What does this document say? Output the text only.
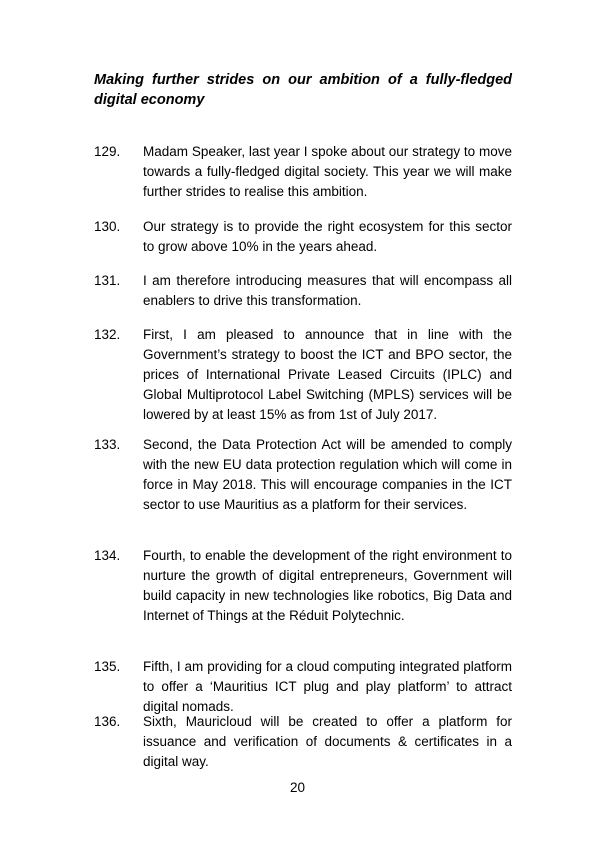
Making further strides on our ambition of a fully-fledged digital economy

129.	Madam Speaker, last year I spoke about our strategy to move towards a fully-fledged digital society. This year we will make further strides to realise this ambition.
130.	Our strategy is to provide the right ecosystem for this sector to grow above 10% in the years ahead.
131.	I am therefore introducing measures that will encompass all enablers to drive this transformation.
132.	First, I am pleased to announce that in line with the Government’s strategy to boost the ICT and BPO sector, the prices of International Private Leased Circuits (IPLC) and Global Multiprotocol Label Switching (MPLS) services will be lowered by at least 15% as from 1st of July 2017.
133.	Second, the Data Protection Act will be amended to comply with the new EU data protection regulation which will come in force in May 2018. This will encourage companies in the ICT sector to use Mauritius as a platform for their services.
134.	Fourth, to enable the development of the right environment to nurture the growth of digital entrepreneurs, Government will build capacity in new technologies like robotics, Big Data and Internet of Things at the Réduit Polytechnic.
135.	Fifth, I am providing for a cloud computing integrated platform to offer a ‘Mauritius ICT plug and play platform’ to attract digital nomads.
136.	Sixth, Mauricloud will be created to offer a platform for issuance and verification of documents & certificates in a digital way.
20
